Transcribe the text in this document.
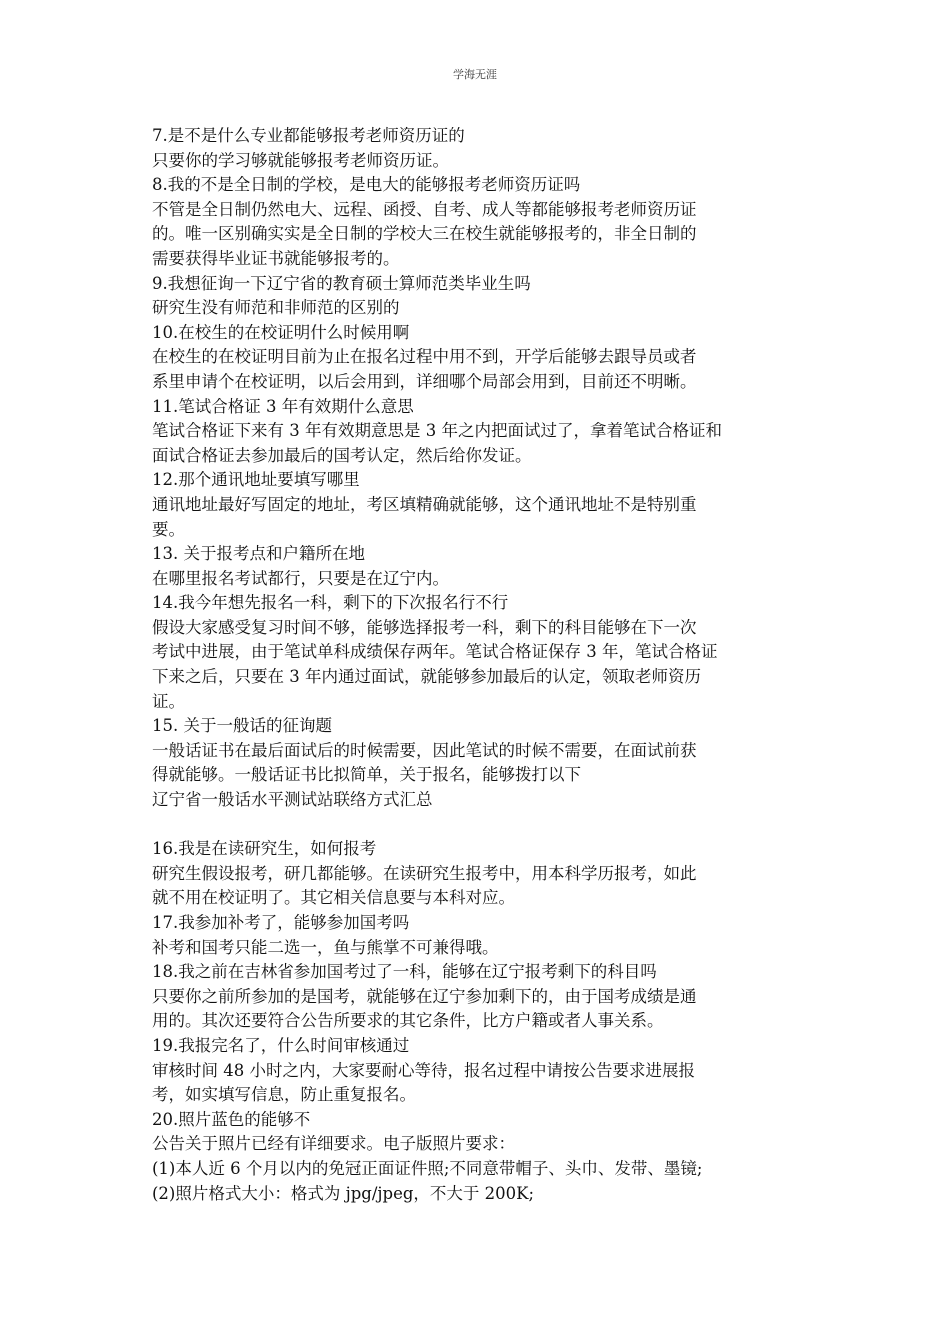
学海无涯

7.是不是什么专业都能够报考老师资历证的

只要你的学习够就能够报考老师资历证。

8.我的不是全日制的学校，是电大的能够报考老师资历证吗

不管是全日制仍然电大、远程、函授、自考、成人等都能够报考老师资历证

的。唯一区别确实实是全日制的学校大三在校生就能够报考的，非全日制的

需要获得毕业证书就能够报考的。

9.我想征询一下辽宁省的教育硕士算师范类毕业生吗

研究生没有师范和非师范的区别的

10.在校生的在校证明什么时候用啊

在校生的在校证明目前为止在报名过程中用不到，开学后能够去跟导员或者

系里申请个在校证明，以后会用到，详细哪个局部会用到，目前还不明晰。

11.笔试合格证 3 年有效期什么意思

笔试合格证下来有 3 年有效期意思是 3 年之内把面试过了，拿着笔试合格证和

面试合格证去参加最后的国考认定，然后给你发证。

12.那个通讯地址要填写哪里

通讯地址最好写固定的地址，考区填精确就能够，这个通讯地址不是特别重

要。

13. 关于报考点和户籍所在地

在哪里报名考试都行，只要是在辽宁内。

14.我今年想先报名一科，剩下的下次报名行不行

假设大家感受复习时间不够，能够选择报考一科，剩下的科目能够在下一次

考试中进展，由于笔试单科成绩保存两年。笔试合格证保存 3 年，笔试合格证

下来之后，只要在 3 年内通过面试，就能够参加最后的认定，领取老师资历

证。

15. 关于一般话的征询题

一般话证书在最后面试后的时候需要，因此笔试的时候不需要，在面试前获

得就能够。一般话证书比拟简单，关于报名，能够拨打以下

辽宁省一般话水平测试站联络方式汇总

16.我是在读研究生，如何报考

研究生假设报考，研几都能够。在读研究生报考中，用本科学历报考，如此

就不用在校证明了。其它相关信息要与本科对应。

17.我参加补考了，能够参加国考吗

补考和国考只能二选一，鱼与熊掌不可兼得哦。

18.我之前在吉林省参加国考过了一科，能够在辽宁报考剩下的科目吗

只要你之前所参加的是国考，就能够在辽宁参加剩下的，由于国考成绩是通

用的。其次还要符合公告所要求的其它条件，比方户籍或者人事关系。

19.我报完名了，什么时间审核通过

审核时间 48 小时之内，大家要耐心等待，报名过程中请按公告要求进展报

考，如实填写信息，防止重复报名。

20.照片蓝色的能够不

公告关于照片已经有详细要求。电子版照片要求：

(1)本人近 6 个月以内的免冠正面证件照;不同意带帽子、头巾、发带、墨镜;

(2)照片格式大小：格式为 jpg/jpeg，不大于 200K;
